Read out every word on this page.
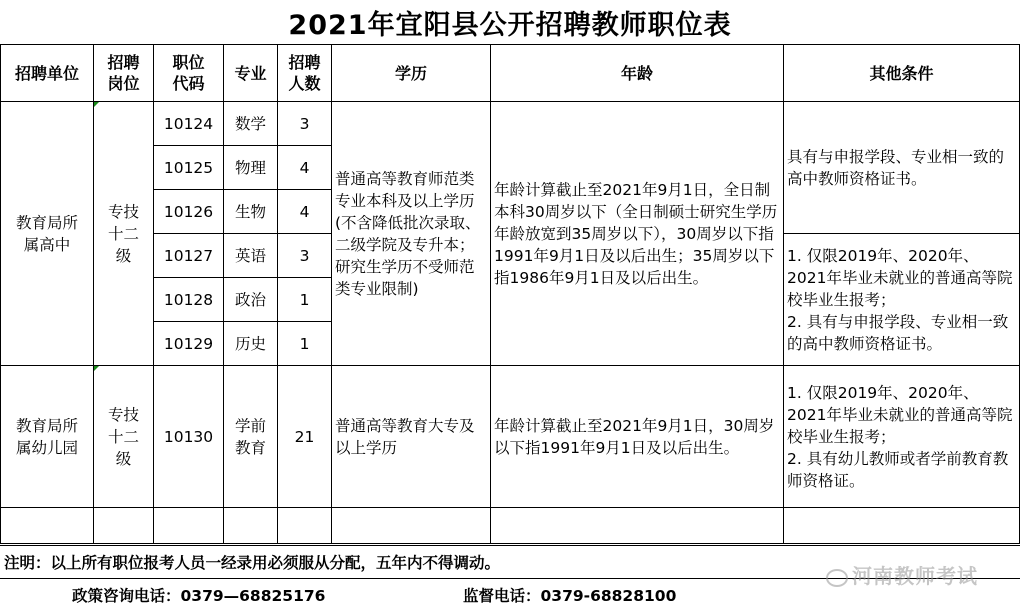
2021年宜阳县公开招聘教师职位表
招聘单位	招聘岗位	职位代码	专业	招聘人数	学历	年龄	其他条件
教育局所属高中	专技十二级	10124	数学	3	普通高等教育师范类专业本科及以上学历(不含降低批次录取、二级学院及专升本；研究生学历不受师范类专业限制)	年龄计算截止至2021年9月1日，全日制本科30周岁以下（全日制硕士研究生学历年龄放宽到35周岁以下），30周岁以下指1991年9月1日及以后出生；35周岁以下指1986年9月1日及以后出生。	具有与申报学段、专业相一致的高中教师资格证书。
		10125	物理	4			
		10126	生物	4			
		10127	英语	3			1. 仅限2019年、2020年、2021年毕业未就业的普通高等院校毕业生报考；
2. 具有与申报学段、专业相一致的高中教师资格证书。
		10128	政治	1			
		10129	历史	1			
教育局所属幼儿园	专技十二级	10130	学前教育	21	普通高等教育大专及以上学历	年龄计算截止至2021年9月1日，30周岁以下指1991年9月1日及以后出生。	1. 仅限2019年、2020年、2021年毕业未就业的普通高等院校毕业生报考；
2. 具有幼儿教师或者学前教育教师资格证。

注明：以上所有职位报考人员一经录用必须服从分配，五年内不得调动。
政策咨询电话：0379—68825176	监督电话：0379-68828100
河南教师考试
